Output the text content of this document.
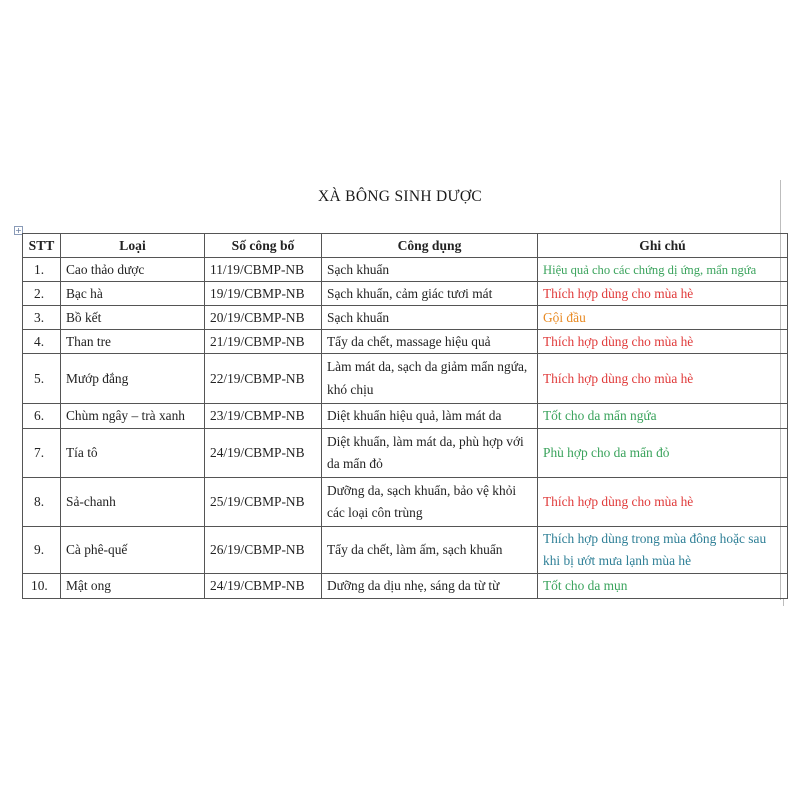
XÀ BÔNG SINH DƯỢC
+
STT	Loại	Số công bố	Công dụng	Ghi chú
1.	Cao thảo dược	11/19/CBMP-NB	Sạch khuẩn	Hiệu quả cho các chứng dị ứng, mẩn ngứa
2.	Bạc hà	19/19/CBMP-NB	Sạch khuẩn, cảm giác tươi mát	Thích hợp dùng cho mùa hè
3.	Bồ kết	20/19/CBMP-NB	Sạch khuẩn	Gội đầu
4.	Than tre	21/19/CBMP-NB	Tẩy da chết, massage hiệu quả	Thích hợp dùng cho mùa hè
5.	Mướp đắng	22/19/CBMP-NB	Làm mát da, sạch da giảm mẩn ngứa, khó chịu	Thích hợp dùng cho mùa hè
6.	Chùm ngây – trà xanh	23/19/CBMP-NB	Diệt khuẩn hiệu quả, làm mát da	Tốt cho da mẩn ngứa
7.	Tía tô	24/19/CBMP-NB	Diệt khuẩn, làm mát da, phù hợp với da mẩn đỏ	Phù hợp cho da mẩn đỏ
8.	Sả-chanh	25/19/CBMP-NB	Dưỡng da, sạch khuẩn, bảo vệ khỏi các loại côn trùng	Thích hợp dùng cho mùa hè
9.	Cà phê-quế	26/19/CBMP-NB	Tẩy da chết, làm ấm, sạch khuẩn	Thích hợp dùng trong mùa đông hoặc sau khi bị ướt mưa lạnh mùa hè
10.	Mật ong	24/19/CBMP-NB	Dưỡng da dịu nhẹ, sáng da từ từ	Tốt cho da mụn
